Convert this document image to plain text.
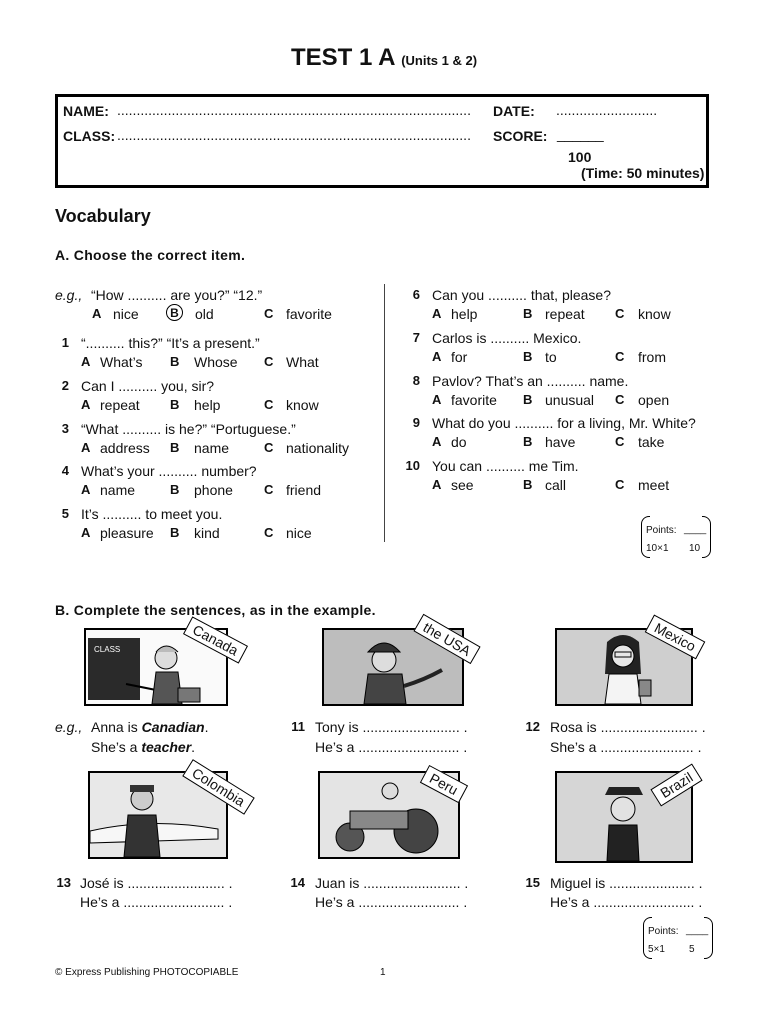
TEST 1 A (Units 1 & 2)
NAME: ........................................................................................... DATE: ..........................
CLASS: ........................................................................................... SCORE: ______
100
(Time: 50 minutes)
Vocabulary
A. Choose the correct item.
e.g., “How .......... are you?” “12.”
A nice	B old	C favorite
1 “.......... this?” “It’s a present.”
A What’s B Whose C What
2 Can I .......... you, sir?
A repeat B help	C know
3 “What .......... is he?” “Portuguese.”
A address B name	C nationality
4 What’s your .......... number?
A name	B phone C friend
5 It’s .......... to meet you.
A pleasure B kind	C nice
6 Can you .......... that, please?
A help	B repeat C know
7 Carlos is .......... Mexico.
A for	B to	C from
8 Pavlov? That’s an .......... name.
A favorite B unusual C open
9 What do you .......... for a living, Mr. White?
A do	B have	C take
10 You can .......... me Tim.
A see	B call	C meet
Points: ____
10×1 10
B. Complete the sentences, as in the example.
CLASS	Canada	the USA	Mexico
e.g., Anna is Canadian.
She’s a teacher.
11 Tony is ......................... .
He’s a .......................... .
12 Rosa is ......................... .
She’s a ........................ .
Colombia	Peru	Brazil
13 José is ......................... .
He’s a .......................... .
14 Juan is ......................... .
He’s a .......................... .
15 Miguel is ...................... .
He’s a .......................... .
Points: ____
5×1 5
© Express Publishing PHOTOCOPIABLE	1
